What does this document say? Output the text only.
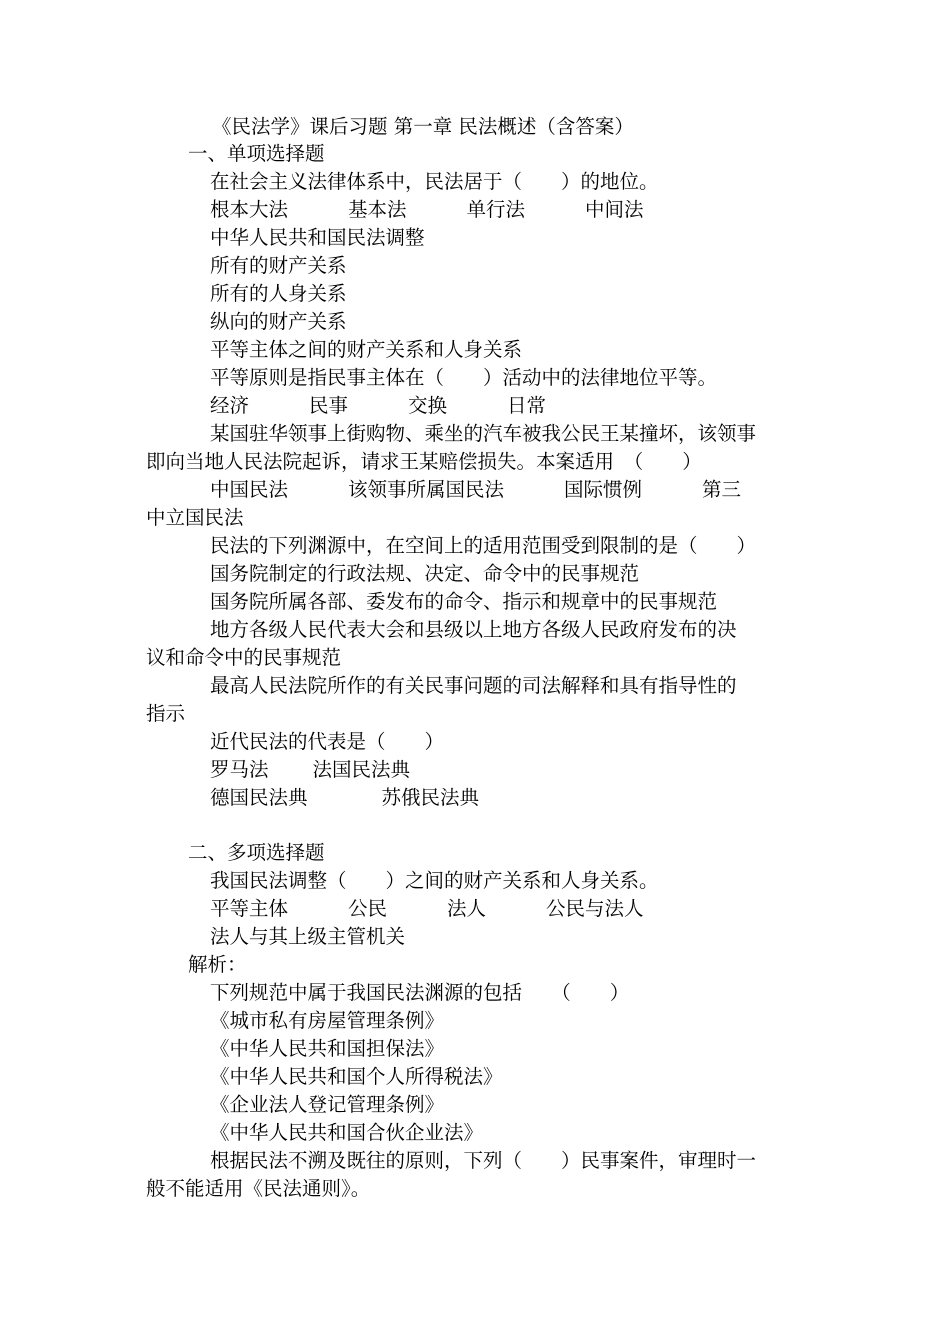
《民法学》课后习题 第一章 民法概述（含答案）
一、单项选择题
在社会主义法律体系中，民法居于（　　）的地位。
根本大法	基本法	单行法	中间法
中华人民共和国民法调整
所有的财产关系
所有的人身关系
纵向的财产关系
平等主体之间的财产关系和人身关系
平等原则是指民事主体在（　　）活动中的法律地位平等。
经济	民事	交换	日常
某国驻华领事上街购物、乘坐的汽车被我公民王某撞坏，该领事
即向当地人民法院起诉，请求王某赔偿损失。本案适用　（　　）
中国民法	该领事所属国民法	国际惯例	第三
中立国民法
民法的下列渊源中，在空间上的适用范围受到限制的是（　　）
国务院制定的行政法规、决定、命令中的民事规范
国务院所属各部、委发布的命令、指示和规章中的民事规范
地方各级人民代表大会和县级以上地方各级人民政府发布的决
议和命令中的民事规范
最高人民法院所作的有关民事问题的司法解释和具有指导性的
指示
近代民法的代表是（　　）
罗马法 法国民法典
德国民法典	苏俄民法典
二、多项选择题
我国民法调整（　　）之间的财产关系和人身关系。
平等主体	公民	法人	公民与法人
法人与其上级主管机关
解析：
下列规范中属于我国民法渊源的包括　　（　　）
《城市私有房屋管理条例》
《中华人民共和国担保法》
《中华人民共和国个人所得税法》
《企业法人登记管理条例》
《中华人民共和国合伙企业法》
根据民法不溯及既往的原则，下列（　　）民事案件，审理时一
般不能适用《民法通则》。
